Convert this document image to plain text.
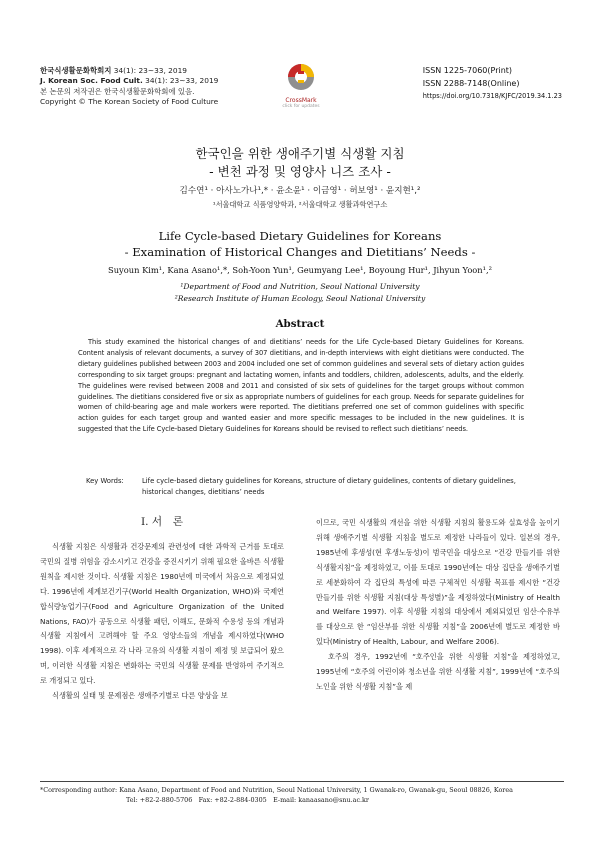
한국식생활문화학회지 34(1): 23~33, 2019
J. Korean Soc. Food Cult. 34(1): 23~33, 2019
본 논문의 저작권은 한국식생활문화학회에 있음.
Copyright © The Korean Society of Food Culture	CrossMark
click for updates
ISSN 1225-7060(Print)
ISSN 2288-7148(Online)
https://doi.org/10.7318/KJFC/2019.34.1.23
한국인을 위한 생애주기별 식생활 지침
- 변천 과정 및 영양사 니즈 조사 -
김수연¹ · 아사노가나¹,* · 윤소윤¹ · 이금영¹ · 허보영¹ · 윤지현¹,²
¹서울대학교 식품영양학과, ²서울대학교 생활과학연구소
Life Cycle-based Dietary Guidelines for Koreans
- Examination of Historical Changes and Dietitians’ Needs -
Suyoun Kim¹, Kana Asano¹,*, Soh-Yoon Yun¹, Geumyang Lee¹, Boyoung Hur¹, Jihyun Yoon¹,²
¹Department of Food and Nutrition, Seoul National University
²Research Institute of Human Ecology, Seoul National University
Abstract
This study examined the historical changes of and dietitians’ needs for the Life Cycle-based Dietary Guidelines for Koreans. Content analysis of relevant documents, a survey of 307 dietitians, and in-depth interviews with eight dietitians were conducted. The dietary guidelines published between 2003 and 2004 included one set of common guidelines and several sets of dietary action guides corresponding to six target groups: pregnant and lactating women, infants and toddlers, children, adolescents, adults, and the elderly. The guidelines were revised between 2008 and 2011 and consisted of six sets of guidelines for the target groups without common guidelines. The dietitians considered five or six as appropriate numbers of guidelines for each group. Needs for separate guidelines for women of child-bearing age and male workers were reported. The dietitians preferred one set of common guidelines with specific action guides for each target group and wanted easier and more specific messages to be included in the new guidelines. It is suggested that the Life Cycle-based Dietary Guidelines for Koreans should be revised to reflect such dietitians’ needs.
Key Words:	Life cycle-based dietary guidelines for Koreans, structure of dietary guidelines, contents of dietary guidelines, historical changes, dietitians’ needs
I. 서　론

식생활 지침은 식생활과 건강문제의 관련성에 대한 과학적 근거를 토대로 국민의 질병 위험을 감소시키고 건강을 증진시키기 위해 필요한 올바른 식생활 원칙을 제시한 것이다. 식생활 지침은 1980년에 미국에서 처음으로 제정되었다. 1996년에 세계보건기구(World Health Organization, WHO)와 국제연합식량농업기구(Food and Agriculture Organization of the United Nations, FAO)가 공동으로 식생활 패턴, 이해도, 문화적 수용성 등의 개념과 식생활 지침에서 고려해야 할 주요 영양소들의 개념을 제시하였다(WHO 1998). 이후 세계적으로 각 나라 고유의 식생활 지침이 제정 및 보급되어 왔으며, 이러한 식생활 지침은 변화하는 국민의 식생활 문제를 반영하여 주기적으로 개정되고 있다.

식생활의 실태 및 문제점은 생애주기별로 다른 양상을 보

이므로, 국민 식생활의 개선을 위한 식생활 지침의 활용도와 실효성을 높이기 위해 생애주기별 식생활 지침을 별도로 제정한 나라들이 있다. 일본의 경우, 1985년에 후생성(현 후생노동성)이 범국민을 대상으로 “건강 만들기를 위한 식생활지침”을 제정하였고, 이를 토대로 1990년에는 대상 집단을 생애주기별로 세분화하여 각 집단의 특성에 따른 구체적인 식생활 목표를 제시한 “건강 만들기를 위한 식생활 지침(대상 특성별)”을 제정하였다(Ministry of Health and Welfare 1997). 이후 식생활 지침의 대상에서 제외되었던 임산·수유부를 대상으로 한 “임산부를 위한 식생활 지침”을 2006년에 별도로 제정한 바 있다(Ministry of Health, Labour, and Welfare 2006).

호주의 경우, 1992년에 “호주인을 위한 식생활 지침”을 제정하였고, 1995년에 “호주의 어린이와 청소년을 위한 식생활 지침”, 1999년에 “호주의 노인을 위한 식생활 지침”을 제

*Corresponding author: Kana Asano, Department of Food and Nutrition, Seoul National University, 1 Gwanak-ro, Gwanak-gu, Seoul 08826, Korea
Tel: +82-2-880-5706　Fax: +82-2-884-0305　E-mail: kanaasano@snu.ac.kr
